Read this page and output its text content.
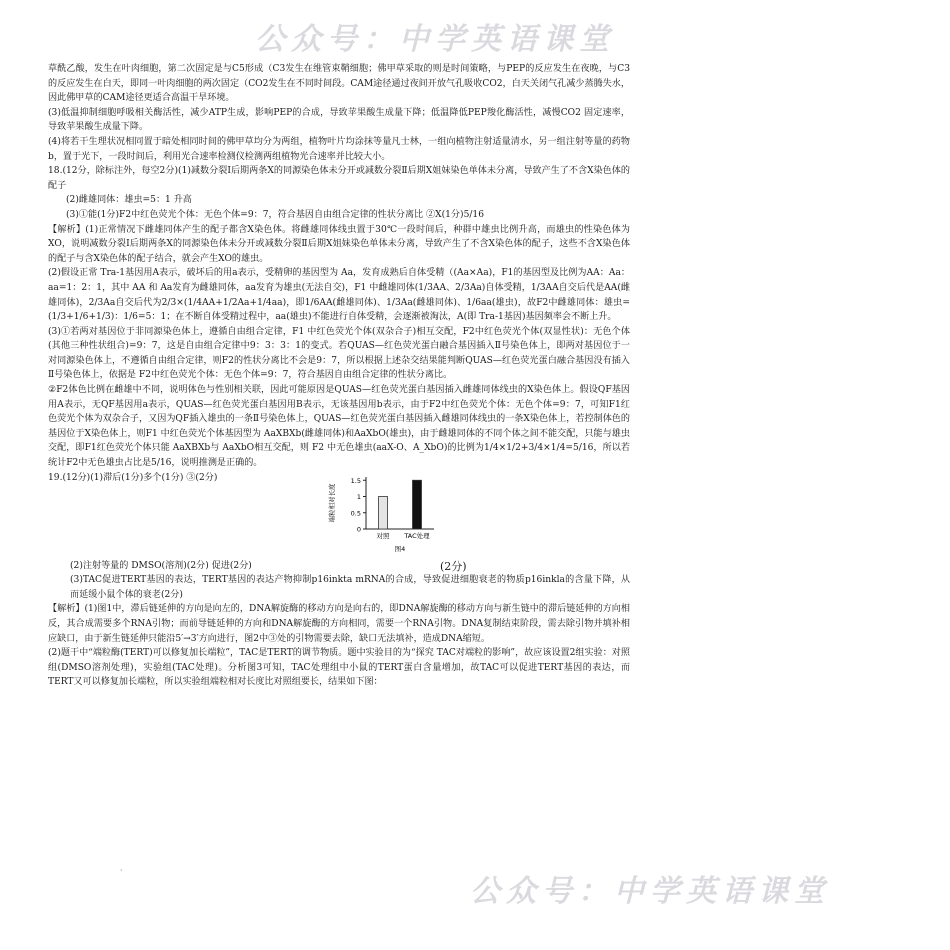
公众号：中学英语课堂
公众号：中学英语课堂

草酰乙酸，发生在叶肉细胞，第二次固定是与C5形成（C3发生在维管束鞘细胞；佛甲草采取的则是时间策略，与PEP的反应发生在夜晚，与C3的反应发生在白天，即同一叶肉细胞的两次固定（CO2发生在不同时间段。CAM途径通过夜间开放气孔吸收CO2，白天关闭气孔减少蒸腾失水，因此佛甲草的CAM途径更适合高温干旱环境。

(3)低温抑制细胞呼吸相关酶活性，减少ATP生成，影响PEP的合成，导致苹果酸生成量下降；低温降低PEP羧化酶活性，减慢CO2 固定速率，导致苹果酸生成量下降。

(4)将若干生理状况相同置于暗处相同时间的佛甲草均分为两组，植物叶片均涂抹等量凡士林，一组向植物注射适量清水，另一组注射等量的药物b，置于光下，一段时间后，利用光合速率检测仪检测两组植物光合速率并比较大小。

18.(12分，除标注外，每空2分)(1)减数分裂Ⅰ后期两条X的同源染色体未分开或减数分裂Ⅱ后期X姐妹染色单体未分离，导致产生了不含X染色体的配子

(2)雌雄同体：雄虫=5：1 升高

(3)①能(1分)F2中红色荧光个体：无色个体=9：7，符合基因自由组合定律的性状分离比 ②X(1分)5/16

【解析】(1)正常情况下雌雄同体产生的配子都含X染色体。将雌雄同体线虫置于30℃一段时间后，种群中雄虫比例升高，而雄虫的性染色体为XO，说明减数分裂Ⅰ后期两条X的同源染色体未分开或减数分裂Ⅱ后期X姐妹染色单体未分离，导致产生了不含X染色体的配子，这些不含X染色体的配子与含X染色体的配子结合，就会产生XO的雄虫。

(2)假设正常 Tra-1基因用A表示，破坏后的用a表示，受精卵的基因型为 Aa，发育成熟后自体受精（(Aa×Aa)，F1的基因型及比例为AA：Aa：aa=1：2：1，其中 AA 和 Aa发育为雌雄同体，aa发育为雄虫(无法自交)，F1 中雌雄同体(1/3AA、2/3Aa)自体受精，1/3AA自交后代是AA(雌雄同体)，2/3Aa自交后代为2/3×(1/4AA+1/2Aa+1/4aa)，即1/6AA(雌雄同体)、1/3Aa(雌雄同体)、1/6aa(雄虫)，故F2中雌雄同体：雄虫=(1/3+1/6+1/3)：1/6=5：1；在不断自体受精过程中，aa(雄虫)不能进行自体受精，会逐渐被淘汰，A(即 Tra-1基因)基因频率会不断上升。

(3)①若两对基因位于非同源染色体上，遵循自由组合定律，F1 中红色荧光个体(双杂合子)相互交配，F2中红色荧光个体(双显性状)：无色个体(其他三种性状组合)=9：7，这是自由组合定律中9：3：3：1的变式。若QUAS—红色荧光蛋白融合基因插入Ⅱ号染色体上，即两对基因位于一对同源染色体上，不遵循自由组合定律，则F2的性状分离比不会是9：7，所以根据上述杂交结果能判断QUAS—红色荧光蛋白融合基因没有插入Ⅱ号染色体上，依据是 F2中红色荧光个体：无色个体=9：7，符合基因自由组合定律的性状分离比。

②F2体色比例在雌雄中不同，说明体色与性别相关联，因此可能原因是QUAS—红色荧光蛋白基因插入雌雄同体线虫的X染色体上。假设QF基因用A表示，无QF基因用a表示，QUAS—红色荧光蛋白基因用B表示，无该基因用b表示，由于F2中红色荧光个体：无色个体=9：7，可知F1红色荧光个体为双杂合子，又因为QF插入雄虫的一条Ⅱ号染色体上，QUAS—红色荧光蛋白基因插入雌雄同体线虫的一条X染色体上，若控制体色的基因位于X染色体上，则F1 中红色荧光个体基因型为 AaXBXb(雌雄同体)和AaXbO(雄虫)，由于雌雄同体的不同个体之间不能交配，只能与雄虫交配，即F1红色荧光个体只能 AaXBXb与 AaXbO相互交配，则 F2 中无色雄虫(aaX-O、A_XbO)的比例为1/4×1/2+3/4×1/4=5/16，所以若统计F2中无色雄虫占比是5/16，说明推测是正确的。

19.(12分)(1)滞后(1分)多个(1分) ③(2分)

0
0.5
1
1.5
端粒相对长度
对照 TAC处理
图4
(2分)

(2)注射等量的 DMSO(溶剂)(2分) 促进(2分)

(3)TAC促进TERT基因的表达，TERT基因的表达产物抑制p16inkta mRNA的合成，导致促进细胞衰老的物质p16inkla的含量下降，从而延缓小鼠个体的衰老(2分)

【解析】(1)图1中，滞后链延伸的方向是向左的，DNA解旋酶的移动方向是向右的，即DNA解旋酶的移动方向与新生链中的滞后链延伸的方向相反，其合成需要多个RNA引物；而前导链延伸的方向和DNA解旋酶的方向相同，需要一个RNA引物。DNA复制结束阶段，需去除引物并填补相应缺口，由于新生链延伸只能沿5′→3′方向进行，图2中③处的引物需要去除，缺口无法填补，造成DNA缩短。

(2)题干中“端粒酶(TERT)可以修复加长端粒”，TAC是TERT的调节物质。题中实验目的为“探究 TAC对端粒的影响”，故应该设置2组实验：对照组(DMSO溶剂处理)，实验组(TAC处理)。分析图3可知，TAC处理组中小鼠的TERT蛋白含量增加，故TAC可以促进TERT基因的表达，而TERT又可以修复加长端粒，所以实验组端粒相对长度比对照组要长，结果如下图：

·
